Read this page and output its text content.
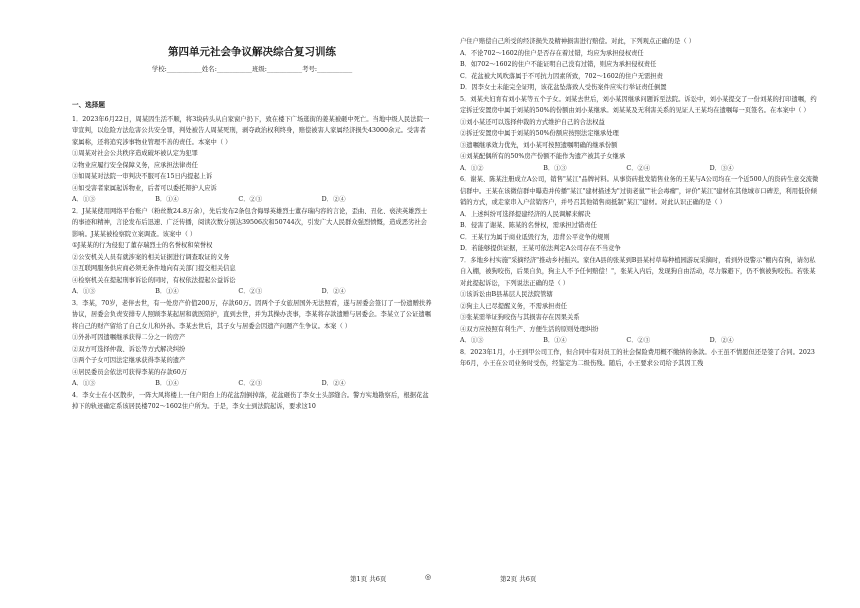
第四单元社会争议解决综合复习训练
学校:___________姓名:___________班级:___________考号:___________
一、选择题

1．2023年6月22日，周某因生活不顺，将3块砖头从自家窗户扔下，致在楼下广场逛街的姜某被砸中死亡。当地中级人民法院一审宣判，以危险方法危害公共安全罪，判处被告人周某死刑，剥夺政治权利终身，赔偿被害人家属经济损失43000余元。受害者家属称，还将追究涉事物业管理不善的责任。本案中（ ）

①周某对社会公共秩序造成破坏被认定为犯罪

②物业应履行安全保障义务，应承担法律责任

③如周某对法院一审判决不服可在15日内提起上诉

④如受害者家属起诉物业，后者可以委托辩护人应诉

A．①③	B．①④	C．②③	D．②④

2．J某某使用网络平台账户（粉丝数24.8万余），先后发布2条包含侮辱英雄烈士董存瑞内容的言论，歪曲、丑化、亵渎英雄烈士的事迹和精神，言论发布后迅速、广泛传播，阅读次数分别达39506次和50744次，引发广大人民群众强烈愤慨，造成恶劣社会影响。J某某被检察院立案调查。该案中（ ）

①J某某的行为侵犯了董存瑞烈士的名誉权和荣誉权

②公安机关人员有就涉案的相关证据进行调查取证的义务

③互联网服务供应商必须无条件地向有关部门提交相关信息

④检察机关在提起刑事诉讼的同时，有权依法提起公益诉讼

A．①③	B．①④	C．②③	D．②④

3．李某，70岁，老伴去世，有一处房产价值200万，存款60万。因两个子女旅居国外无法照看，遂与居委会签订了一份遗赠扶养协议，居委会负责安排专人照顾李某起居和就医陪护，直到去世，并为其操办丧事，李某将存款遗赠与居委会。李某立了公证遗嘱将自己的财产留给了自己女儿和外孙。李某去世后，其子女与居委会因遗产问题产生争议。本案（ ）

①外孙可因遗嘱继承获得二分之一的房产

②双方可选择仲裁、诉讼等方式解决纠纷

③两个子女可因法定继承获得李某的遗产

④居民委员会依法可获得李某的存款60万

A．①③	B．①④	C．②③	D．②④

4．李女士在小区散步，一阵大风将楼上一住户阳台上的花盆刮倒掉落，花盆砸伤了李女士头部缝合。警方实地勘察后，根据花盆掉下的轨迹确定系该居民楼702～1602住户所为。于是，李女士到法院起诉，要求这10

户住户赔偿自己所受的经济损失及精神损害进行赔偿。对此，下列观点正确的是（ ）

A．不论702～1602的住户是否存在着过错，均应为承担侵权责任

B．如702～1602的住户不能证明自己没有过错，则应为承担侵权责任

C．花盆被大风吹落属于不可抗力因素所致，702～1602的住户无需担责

D．因李女士未能完全证明，该花盆坠落致人受伤案件应实行举证责任倒置

5．刘某夫妇育有刘小某等五个子女。刘某去世后，刘小某因继承问题诉至法院。诉讼中，刘小某提交了一份刘某的打印遗嘱，约定拆迁安置房中属于刘某的50%的份额由刘小某继承。刘某某及无利害关系的见证人王某均在遗嘱每一页签名。在本案中（ ）

①刘小某还可以选择仲裁的方式维护自己的合法权益

②拆迁安置房中属于刘某的50%份额应按照法定继承处理

③遗嘱继承效力优先，刘小某可按照遗嘱明确的继承份额

④刘某配偶所有的50%房产份额不能作为遗产被其子女继承

A．①②	B．①③	C．②④	D．③④

6．谢某、陈某注册成立A公司，销售"某江"品牌衬料。从事资砖批发销售业务的王某与A公司均在一个近500人的资砖生意交流微信群中。王某在该微信群中曝造并传播"某江"建材描述为"过街老鼠""社会毒瘤"，评价"某江"建材在其他城市口碑差，利用低价倾销的方式，或走家串入户营销客户，并号召其他销售商抵制"某江"建材。对此认识正确的是（ ）

A．上述纠纷可选择提建经济的人民调解来解决

B．侵害了谢某、陈某的名誉权，需承担过错责任

C．王某行为属于商业诋毁行为，违背公平竞争的规则

D．若能够提供证据，王某可依法判定A公司存在不当竞争

7．多地乡村实施"采摘经济"推动乡村振兴。家住A县的张某到B县某村草莓种植园游玩采摘时，看到外设警示"棚内有狗，请勿私自入棚，被狗咬伤，后果自负，狗主人不予任何赔偿！"，张某入内后，发现狗自由活动，尽力躲避下，仍不慎被狗咬伤。若张某对此提起诉讼，下列说法正确的是（ ）

①该诉讼由B县基层人民法院管辖

②狗主人已尽提醒义务，不需承担责任

③张某需举证狗咬伤与其损害存在因果关系

④双方应按照有利生产、方便生活的原则处理纠纷

A．①③	B．①④	C．②③	D．②④

8．2023年1月，小王到甲公司工作，但合同中有对员工的社会保险费用概不缴纳的条款。小王虽不情愿但还是签了合同。2023年6月，小王在公司业务时受伤，经鉴定为二级伤残。随后，小王要求公司给予其因工残

第1页 共6页	◎	第2页 共6页
